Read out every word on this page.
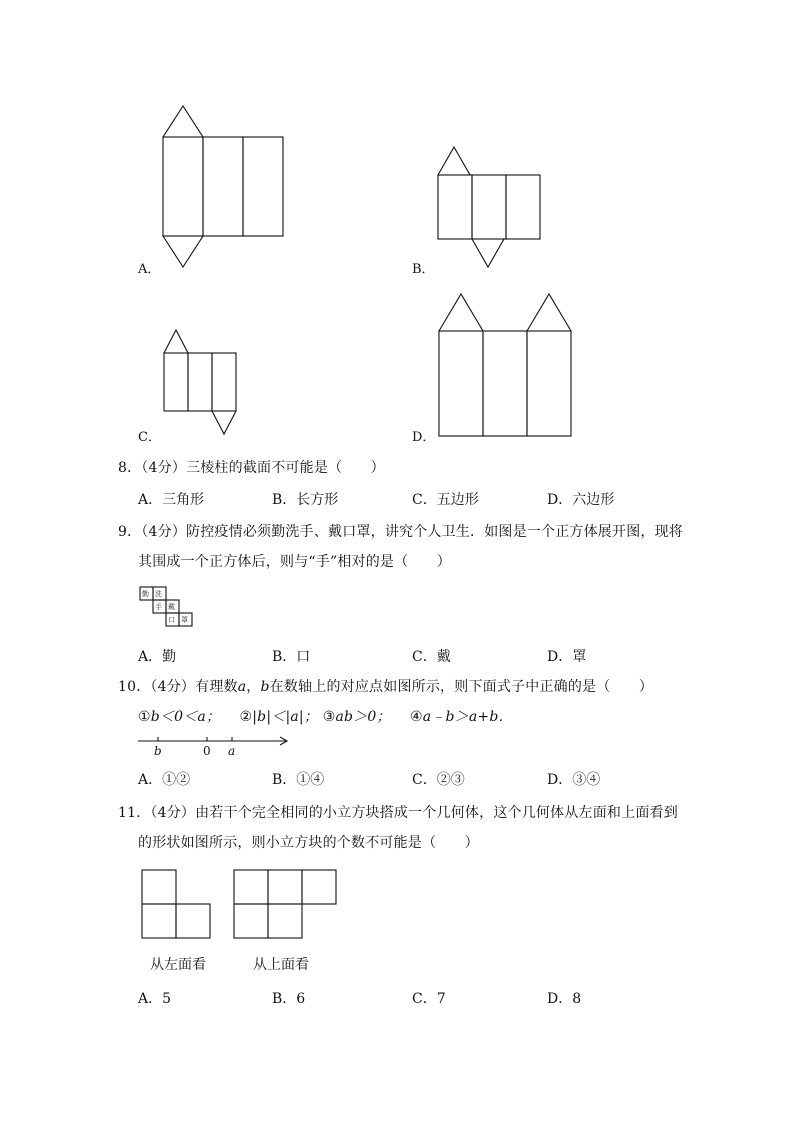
A．	B．
C．	D．
8．（4分）三棱柱的截面不可能是（　　）
A．三角形	B．长方形	C．五边形	D．六边形
9．（4分）防控疫情必须勤洗手、戴口罩，讲究个人卫生．如图是一个正方体展开图，现将
其围成一个正方体后，则与“手”相对的是（　　）
勤 洗
手 戴
口 罩
A．勤	B．口	C．戴	D．罩
10．（4分）有理数a，b在数轴上的对应点如图所示，则下面式子中正确的是（　　）
①b＜0＜a； ②|b|＜|a|； ③ab＞0； ④a﹣b＞a+b．
b	0 a
A．①②	B．①④	C．②③	D．③④
11．（4分）由若干个完全相同的小立方块搭成一个几何体，这个几何体从左面和上面看到
的形状如图所示，则小立方块的个数不可能是（　　）
从左面看	从上面看
A．5	B．6	C．7	D．8
